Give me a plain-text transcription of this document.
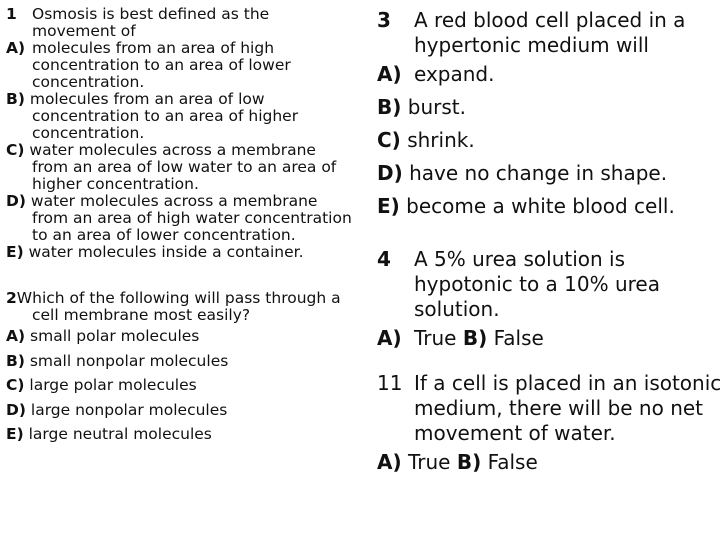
1 Osmosis is best defined as the movement of

A) molecules from an area of high concentration to an area of lower concentration.

B) molecules from an area of low concentration to an area of higher concentration.

C) water molecules across a membrane from an area of low water to an area of higher concentration.

D) water molecules across a membrane from an area of high water concentration to an area of lower concentration.

E) water molecules inside a container.

2Which of the following will pass through a cell membrane most easily?

A) small polar molecules

B) small nonpolar molecules

C) large polar molecules

D) large nonpolar molecules

E) large neutral molecules

3 A red blood cell placed in a hypertonic medium will

A) expand.

B) burst.

C) shrink.

D) have no change in shape.

E) become a white blood cell.

4 A 5% urea solution is hypotonic to a 10% urea solution.

A) True B) False

11 If a cell is placed in an isotonic medium, there will be no net movement of water.

A) True B) False
